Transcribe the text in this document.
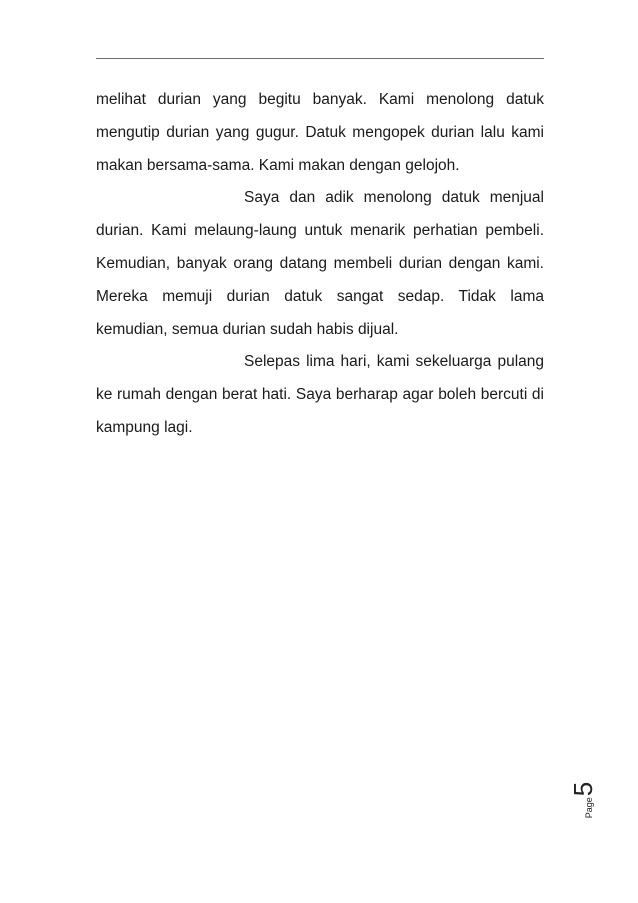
melihat durian yang begitu banyak. Kami menolong datuk mengutip durian yang gugur. Datuk mengopek durian lalu kami makan bersama-sama. Kami makan dengan gelojoh.

Saya dan adik menolong datuk menjual durian. Kami melaung-laung untuk menarik perhatian pembeli. Kemudian, banyak orang datang membeli durian dengan kami. Mereka memuji durian datuk sangat sedap. Tidak lama kemudian, semua durian sudah habis dijual.

Selepas lima hari, kami sekeluarga pulang ke rumah dengan berat hati. Saya berharap agar boleh bercuti di kampung lagi.

Page
5
